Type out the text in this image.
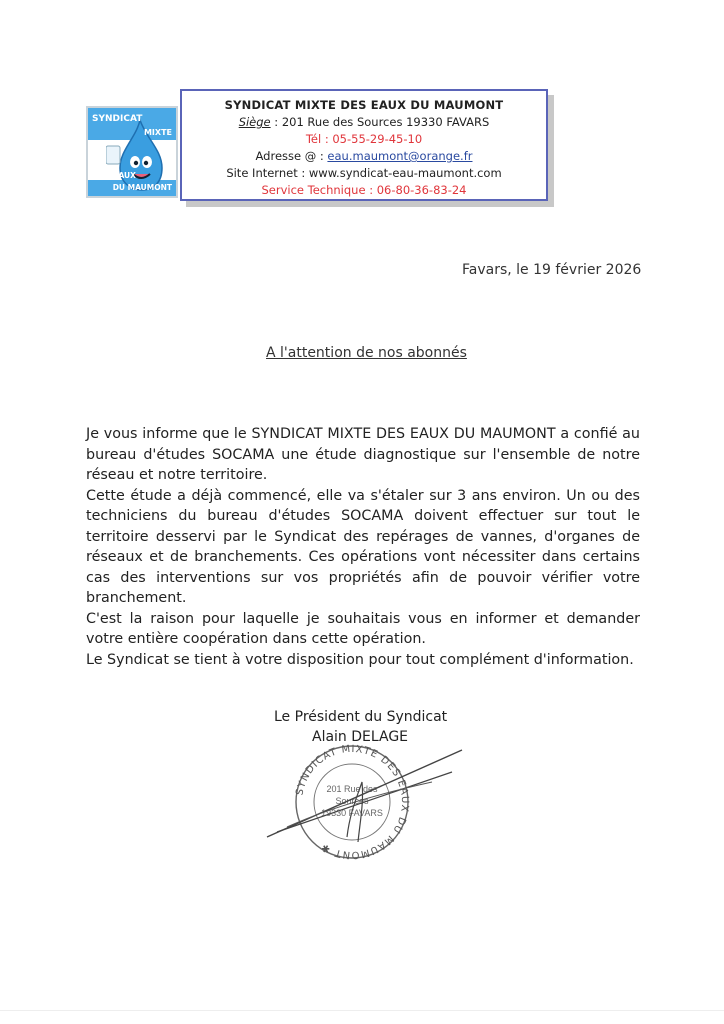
SYNDICAT
MIXTE
DES EAUX
DU MAUMONT
SYNDICAT MIXTE DES EAUX DU MAUMONT
Siège : 201 Rue des Sources 19330 FAVARS
Tél : 05-55-29-45-10
Adresse @ : eau.maumont@orange.fr
Site Internet : www.syndicat-eau-maumont.com
Service Technique : 06-80-36-83-24
Favars, le 19 février 2026
A l'attention de nos abonnés

Je vous informe que le SYNDICAT MIXTE DES EAUX DU MAUMONT a confié au bureau d'études SOCAMA une étude diagnostique sur l'ensemble de notre réseau et notre territoire.

Cette étude a déjà commencé, elle va s'étaler sur 3 ans environ. Un ou des techniciens du bureau d'études SOCAMA doivent effectuer sur tout le territoire desservi par le Syndicat des repérages de vannes, d'organes de réseaux et de branchements. Ces opérations vont nécessiter dans certains cas des interventions sur vos propriétés afin de pouvoir vérifier votre branchement.

C'est la raison pour laquelle je souhaitais vous en informer et demander votre entière coopération dans cette opération.

Le Syndicat se tient à votre disposition pour tout complément d'information.

Le Président du Syndicat
Alain DELAGE
SYNDICAT MIXTE DES EAUX DU MAUMONT ✱
201 Rue des
Sources
19330 FAVARS
